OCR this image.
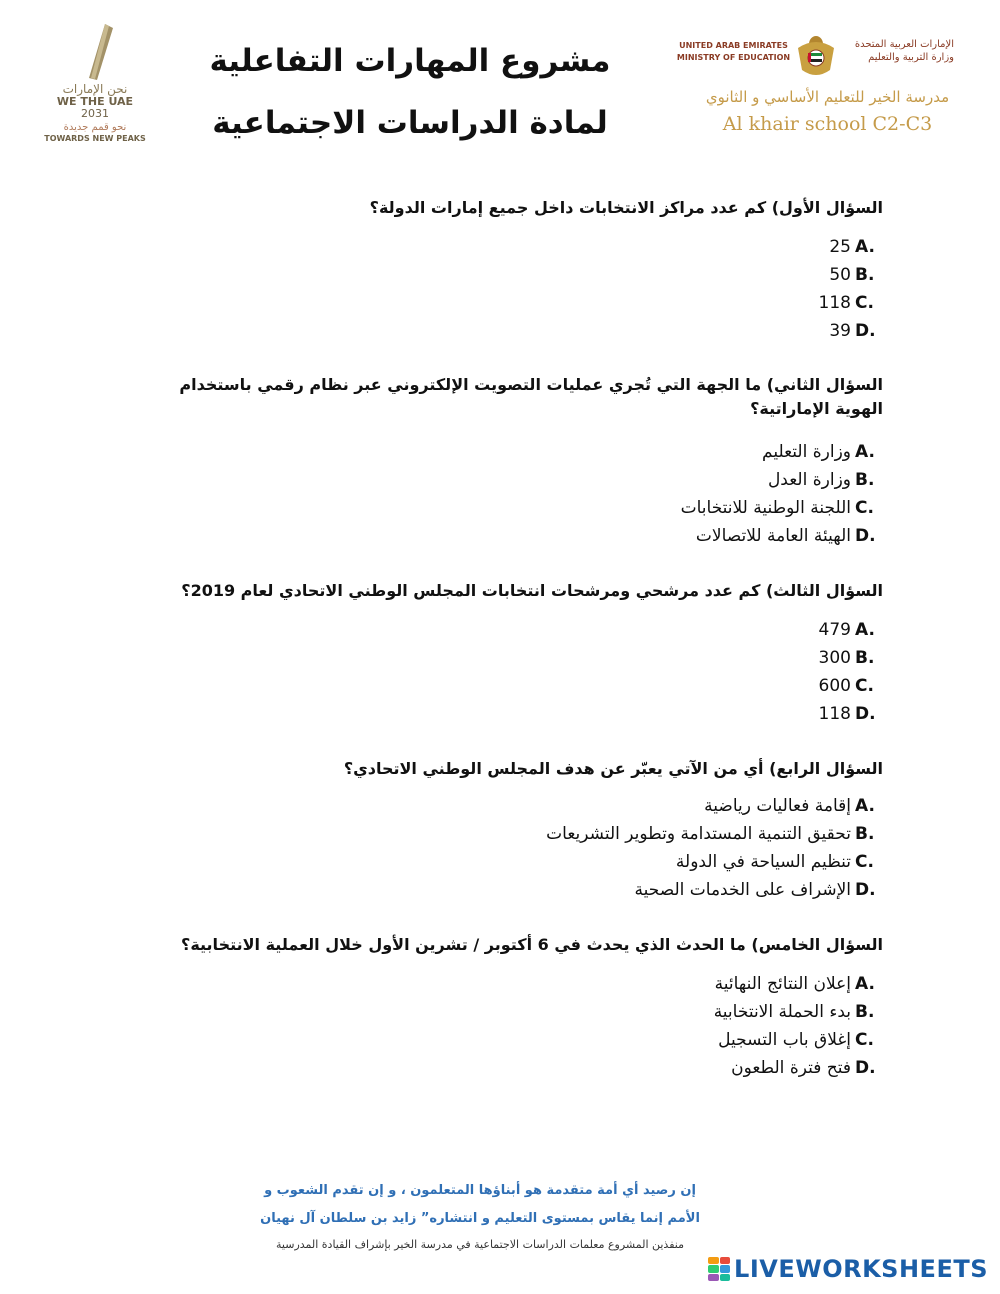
نحن الإمارات
WE THE UAE
2031
نحو قمم جديدة
TOWARDS NEW PEAKS
مشروع المهارات التفاعلية
لمادة الدراسات الاجتماعية
UNITED ARAB EMIRATES MINISTRY OF EDUCATION
الإمارات العربية المتحدة
وزارة التربية والتعليم
مدرسة الخير للتعليم الأساسي و الثانوي
Al khair school C2-C3
السؤال الأول) كم عدد مراكز الانتخابات داخل جميع إمارات الدولة؟
A.25
B.50
C.118
D.39
السؤال الثاني) ما الجهة التي تُجري عمليات التصويت الإلكتروني عبر نظام رقمي باستخدام الهوية الإماراتية؟
A.وزارة التعليم
B.وزارة العدل
C.اللجنة الوطنية للانتخابات
D.الهيئة العامة للاتصالات
السؤال الثالث) كم عدد مرشحي ومرشحات انتخابات المجلس الوطني الاتحادي لعام 2019؟
A.479
B.300
C.600
D.118
السؤال الرابع) أي من الآتي يعبّر عن هدف المجلس الوطني الاتحادي؟
A.إقامة فعاليات رياضية
B.تحقيق التنمية المستدامة وتطوير التشريعات
C.تنظيم السياحة في الدولة
D.الإشراف على الخدمات الصحية
السؤال الخامس) ما الحدث الذي يحدث في 6 أكتوبر / تشرين الأول خلال العملية الانتخابية؟
A.إعلان النتائج النهائية
B.بدء الحملة الانتخابية
C.إغلاق باب التسجيل
D.فتح فترة الطعون
إن رصيد أي أمة متقدمة هو أبناؤها المتعلمون ، و إن تقدم الشعوب و
الأمم إنما يقاس بمستوى التعليم و انتشاره” زايد بن سلطان آل نهيان
منفذين المشروع معلمات الدراسات الاجتماعية في مدرسة الخير بإشراف القيادة المدرسية
LIVEWORKSHEETS
